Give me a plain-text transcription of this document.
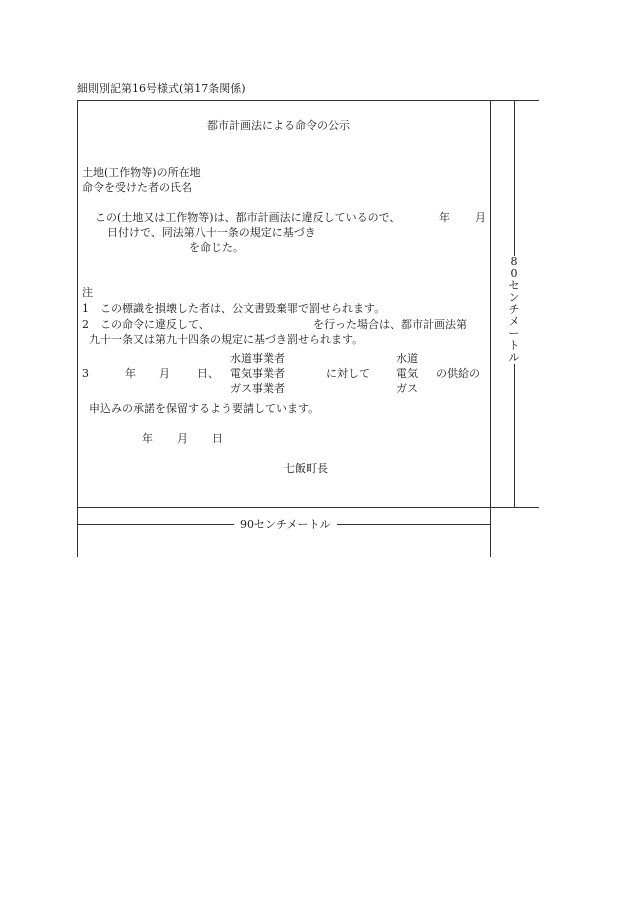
細則別記第16号様式(第17条関係)
8
0
セ
ン
チ
メ
ー
ト
ル
90センチメートル
都市計画法による命令の公示
土地(工作物等)の所在地
命令を受けた者の氏名
この(土地又は工作物等)は、都市計画法に違反しているので、	年 月
日付けで、同法第八十一条の規定に基づき
を命じた。
注
1 この標識を損壊した者は、公文書毀棄罪で罰せられます。
2 この命令に違反して、	を行った場合は、都市計画法第
九十一条又は第九十四条の規定に基づき罰せられます。
水道事業者	水道
3	年 月 日、 電気事業者	に対して 電気 の供給の
ガス事業者	ガス
申込みの承諾を保留するよう要請しています。
年 月 日
七飯町長
